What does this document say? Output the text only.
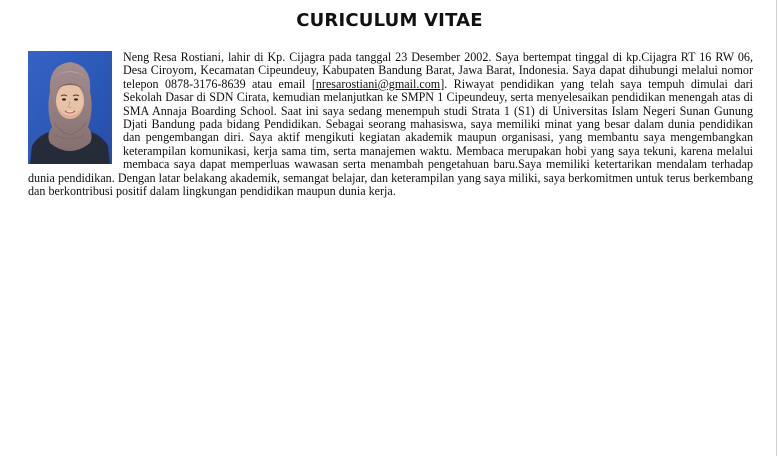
CURICULUM VITAE
Neng Resa Rostiani, lahir di Kp. Cijagra pada tanggal 23 Desember 2002. Saya bertempat tinggal di kp.Cijagra RT 16 RW 06, Desa Ciroyom, Kecamatan Cipeundeuy, Kabupaten Bandung Barat, Jawa Barat, Indonesia. Saya dapat dihubungi melalui nomor telepon 0878-3176-8639 atau email [nresarostiani@gmail.com]. Riwayat pendidikan yang telah saya tempuh dimulai dari Sekolah Dasar di SDN Cirata, kemudian melanjutkan ke SMPN 1 Cipeundeuy, serta menyelesaikan pendidikan menengah atas di SMA Annaja Boarding School. Saat ini saya sedang menempuh studi Strata 1 (S1) di Universitas Islam Negeri Sunan Gunung Djati Bandung pada bidang Pendidikan. Sebagai seorang mahasiswa, saya memiliki minat yang besar dalam dunia pendidikan dan pengembangan diri. Saya aktif mengikuti kegiatan akademik maupun organisasi, yang membantu saya mengembangkan keterampilan komunikasi, kerja sama tim, serta manajemen waktu. Membaca merupakan hobi yang saya tekuni, karena melalui membaca saya dapat memperluas wawasan serta menambah pengetahuan baru.Saya memiliki ketertarikan mendalam terhadap dunia pendidikan. Dengan latar belakang akademik, semangat belajar, dan keterampilan yang saya miliki, saya berkomitmen untuk terus berkembang dan berkontribusi positif dalam lingkungan pendidikan maupun dunia kerja.
